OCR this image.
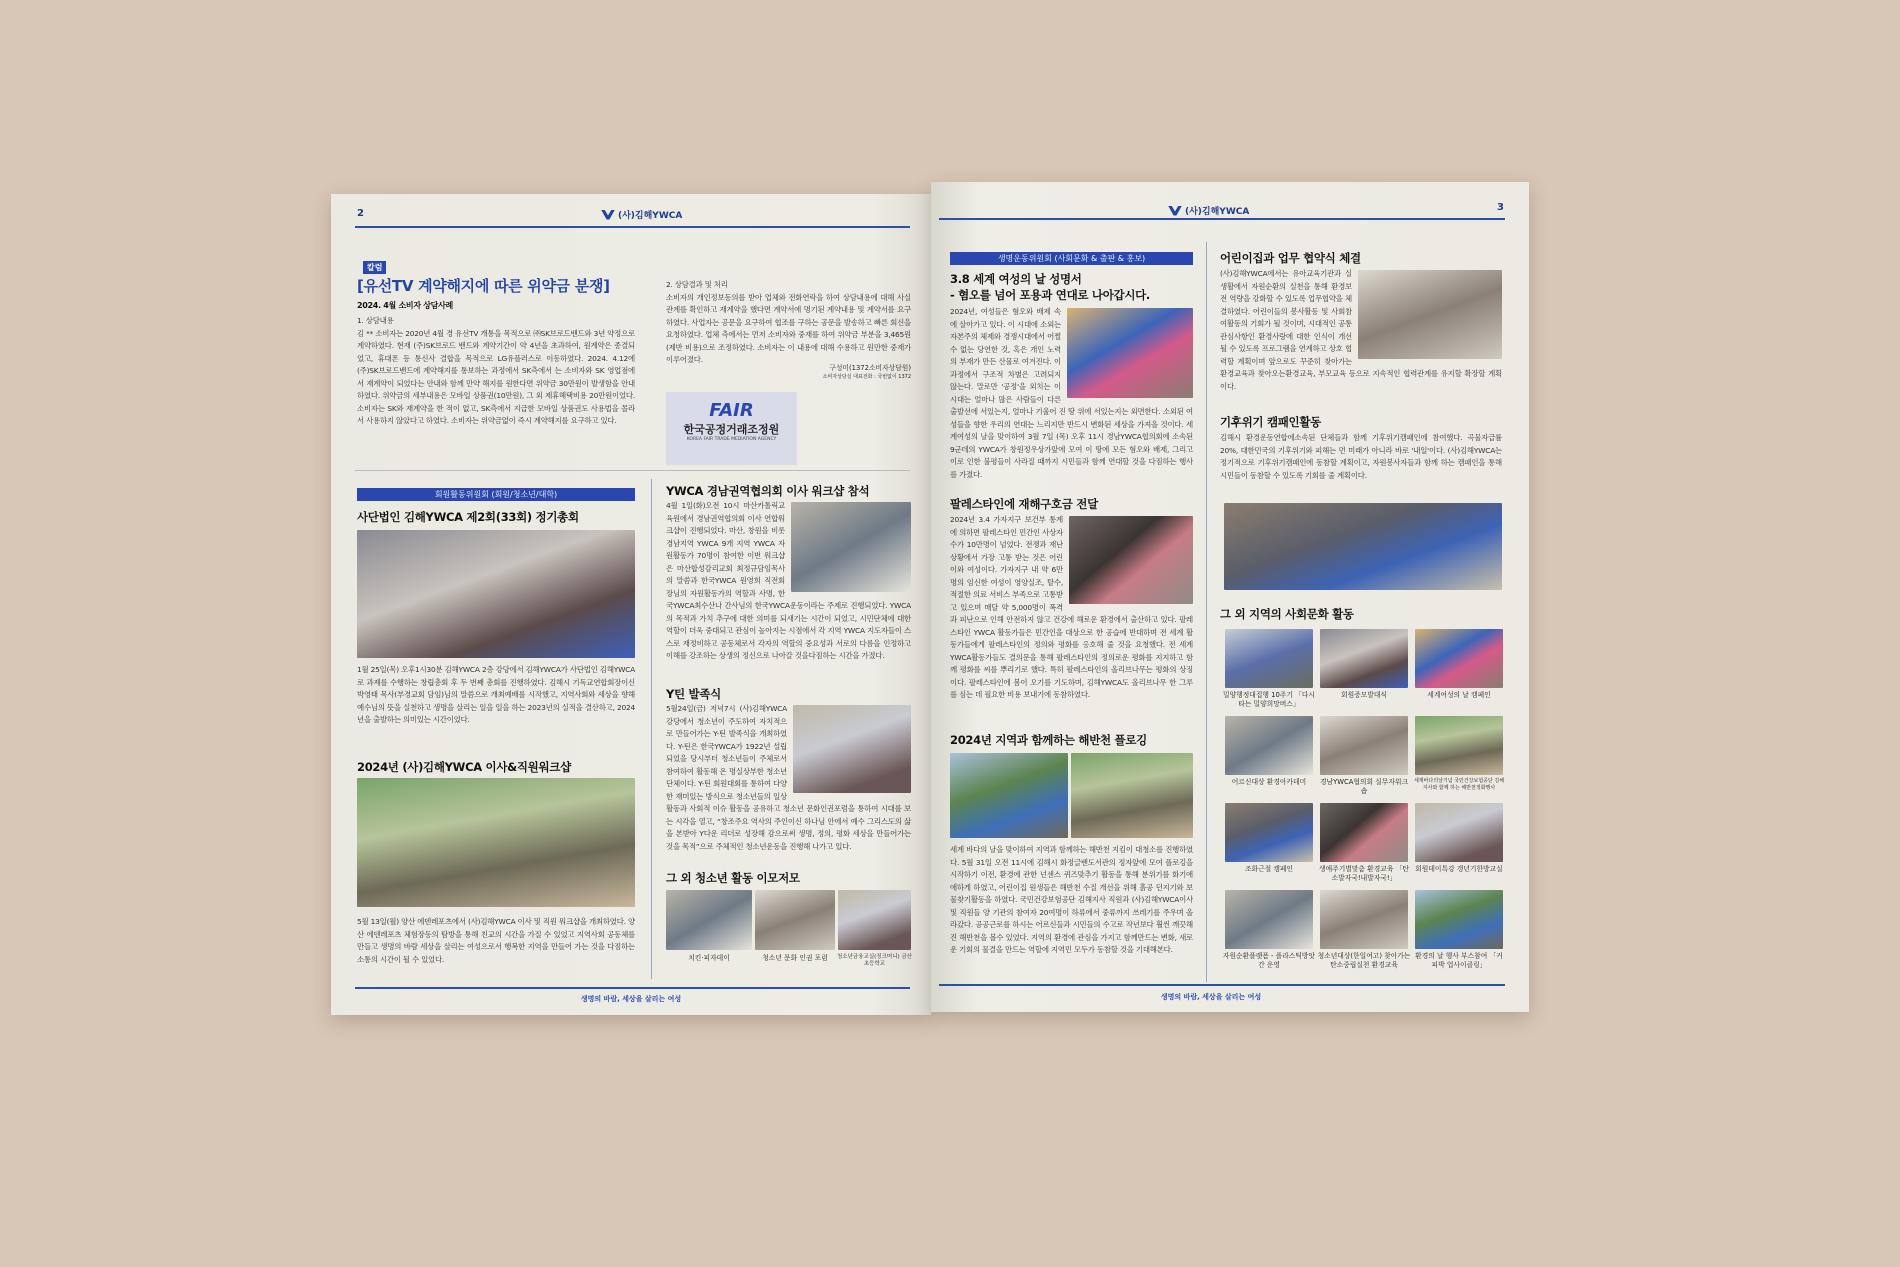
2	(사)김해YWCA
칼럼
[유선TV 계약해지에 따른 위약금 분쟁]
2024. 4월 소비자 상담사례
1. 상담내용
김 ** 소비자는 2020년 4월 경 유선TV 개통을 목적으로 ㈜SK브로드밴드와 3년 약정으로 계약하였다. 현재 (주)SK브로드 밴드와 계약기간이 약 4년을 초과하여, 원계약은 종결되었고, 휴대폰 등 통신사 결합을 목적으로 LG유플러스로 이동하였다. 2024. 4.12에 (주)SK브로드밴드에 계약해지를 통보하는 과정에서 SK측에서 는 소비자와 SK 영업점에서 재계약이 되었다는 안내와 함께 만약 해지를 원한다면 위약금 30만원이 발생함을 안내하였다. 위약금의 세부내용은 모바일 상품권(10만원), 그 외 제휴혜택비용 20만원이었다. 소비자는 SK와 재계약을 한 적이 없고, SK측에서 지급한 모바일 상품권도 사용법을 몰라서 사용하지 않았다고 하였다. 소비자는 위약금없이 즉시 계약해지를 요구하고 있다.
2. 상담결과 및 처리
소비자의 개인정보동의를 받아 업체와 전화연락을 하여 상담내용에 대해 사실관계를 확인하고 재계약을 했다면 계약서에 명기된 계약내용 및 계약서를 요구하였다. 사업자는 공문을 요구하여 협조를 구하는 공문을 발송하고 빠른 회신을 요청하였다. 업체 측에서는 먼저 소비자와 중재를 하여 위약금 부분을 3,465원(제반 비용)으로 조정하였다. 소비자는 이 내용에 대해 수용하고 원만한 중재가 이루어졌다.
구성미(1372소비자상담원)
소비자상담실 대표전화 : 국번없이 1372
FAIR
한국공정거래조정원
KOREA FAIR TRADE MEDIATION AGENCY
회원활동위원회 (회원/청소년/대학)
사단법인 김해YWCA 제2회(33회) 정기총회
1월 25일(목) 오후1시30분 김해YWCA 2층 강당에서 김해YWCA가 사단법인 김해YWCA로 과제를 수행하는 창립총회 후 두 번째 총회를 진행하였다. 김해시 기독교연합회장이신 박영태 목사(부경교회 담임)님의 말씀으로 개최예배를 시작했고, 지역사회와 세상을 향해 예수님의 뜻을 실천하고 생명을 살리는 일을 일을 하는 2023년의 실적을 결산하고, 2024년을 출발하는 의미있는 시간이었다.
2024년 (사)김해YWCA 이사&직원워크샵
5월 13일(월) 양산 에덴레포츠에서 (사)김해YWCA 이사 및 직원 워크샵을 개최하였다. 양산 에덴레포츠 체험장동의 탐방을 통해 친교의 시간을 가질 수 있었고 지역사회 공동체를 만들고 생명의 바람 세상을 살리는 여성으로서 행복한 지역을 만들어 가는 것을 다짐하는 소통의 시간이 될 수 있었다.
YWCA 경남권역협의회 이사 워크샵 참석
4월 1일(화)오전 10시 마산카톨릭교육원에서 경남권역협의회 이사 연합워크샵이 진행되었다. 마산, 창원을 비롯 경남지역 YWCA 9개 지역 YWCA 자원활동가 70명이 참여한 이번 워크샵은 마산합성감리교회 최정규담임목사의 말씀과 한국YWCA 원영희 직전회장님의 자원활동가의 역할과 사명, 한국YWCA최수산나 간사님의 한국YWCA운동이라는 주제로 진행되었다. YWCA의 목적과 가치 추구에 대한 의미를 되새기는 시간이 되었고, 시민단체에 대한 역할이 더욱 중대되고 관심이 높아지는 시점에서 각 지역 YWCA 지도자들이 스스로 재정비하고 공동체로서 각자의 역할의 중요성과 서로의 다름을 인정하고 이해를 강조하는 상생의 정신으로 나아갈 것을다짐하는 시간을 가졌다.
Y틴 발족식
5월24일(금) 저녁7시 (사)김해YWCA 강당에서 청소년이 주도하여 자치적으로 만들어가는 Y-틴 발족식을 개최하였다. Y-틴은 한국YWCA가 1922년 설립 되었을 당시부터 청소년들이 주체로서 참여하여 활동해 온 명실상부한 청소년 단체이다. Y-틴 회원대회를 통하여 다양한 재미있는 방식으로 청소년들의 일상 활동과 사회적 이슈 활동을 공유하고 청소년 문화인권포럼을 통하여 시대를 보는 시각을 열고, “창조주요 역사의 주인이신 하나님 안에서 예수 그리스도의 삶을 본받아 Y다운 리더로 성장해 감으로써 생명, 정의, 평화 세상을 만들어가는 것을 목적”으로 주체적인 청소년운동을 진행해 나가고 있다.
그 외 청소년 활동 이모저모
치킨·피자데이	청소년 문화 인권 포럼	청소년금융교실(징크머니) 금산초등학교
생명의 바람, 세상을 살리는 여성
(사)김해YWCA	3
생명운동위원회 (사회문화 & 출판 & 홍보)
3.8 세계 여성의 날 성명서
- 혐오를 넘어 포용과 연대로 나아갑시다.
2024년, 여성들은 혐오와 배제 속에 살아가고 있다. 이 시대에 소외는 자본주의 체제와 경쟁시대에서 어쩔 수 없는 당연한 것, 혹은 개인 노력의 부재가 만든 산물로 여겨진다. 이 과정에서 구조적 차별은 고려되지 않는다. 말로만 '공정'을 외치는 이 시대는 얼마나 많은 사람들이 다른 출발선에 서있는지, 얼마나 기울어 진 땅 위에 서있는지는 외면한다. 소외된 여성들을 향한 우리의 연대는 느리지만 반드시 변화된 세상을 가져올 것이다. 세계여성의 날을 맞이하여 3월 7일 (목) 오후 11시 경남YWCA협의회에 소속된 9군데의 YWCA가 창원정우상가앞에 모여 이 땅에 모든 혐오와 배제, 그리고 이로 인한 불평들이 사라질 때까지 시민들과 함께 연대할 것을 다짐하는 행사를 가졌다.
팔레스타인에 재해구호금 전달
2024년 3.4 가자지구 보건부 통계에 의하면 팔레스타인 민간인 사상자 수가 10만명이 넘었다. 전쟁과 재난상황에서 가장 고통 받는 것은 어린이와 여성이다. 가자지구 내 약 6만 명의 임신한 여성이 영양실조, 탈수, 적절한 의료 서비스 부족으로 고통받고 있으며 매달 약 5,000명이 폭격과 피난으로 인해 안전하지 않고 건강에 해로운 환경에서 출산하고 있다. 팔레스타인 YWCA 활동가들은 민간인을 대상으로 한 공습에 반대하며 전 세계 활동가들에게 팔레스타인의 정의와 평화를 옹호해 줄 것을 요청했다. 전 세계 YWCA활동가들도 결의문을 통해 팔레스타인의 정의로운 평화를 지지하고 함께 평화를 씨를 뿌리기로 했다. 특히 팔레스타인의 올리브나무는 평화의 상징이다. 팔레스타인에 봄이 오기를 기도하며, 김해YWCA도 올리브나무 한 그루를 심는 데 필요한 비용 보내기에 동참하였다.
2024년 지역과 함께하는 해반천 플로깅
세계 바다의 날을 맞이하여 지역과 함께하는 해반천 지킴이 대청소를 진행하였다. 5월 31일 오전 11시에 김해시 화정글밴도서관의 정자앞에 모여 플로깅을 시작하기 이전, 환경에 관한 넌센스 퀴즈맞추기 활동을 통해 분위기를 화기애애하게 하였고, 어린이집 원생들은 해반천 수질 개선을 위해 흙공 던지기와 보물찾기활동을 하였다. 국민건강보험공단 김해지사 직원과 (사)김해YWCA이사 및 직원들 양 기관의 참여자 20여명이 하류에서 중류까지 쓰레기를 주우며 올라갔다. 공공근로를 하시는 어르신들과 시민들의 수고로 작년보다 훨씬 깨끗해진 해반천을 볼수 있었다. 지역의 환경에 관심을 가지고 함께만드는 변화, 새로운 기회의 물결을 만드는 역할에 지역민 모두가 동참할 것을 기대해본다.
어린이집과 업무 협약식 체결
(사)김해YWCA에서는 유아교육기관과 실생활에서 자원순환의 실천을 통해 환경보전 역량을 강화할 수 있도록 업무협약을 체결하였다. 어린이들의 봉사활동 및 사회참여활동의 기회가 될 것이며, 시대적인 공통 관심사항인 환경사랑에 대한 인식이 개선될 수 있도록 프로그램을 연계하고 상호 협력할 계획이며 앞으로도 꾸준히 찾아가는 환경교육과 찾아오는환경교육, 부모교육 등으로 지속적인 협력관계를 유지할 확장할 계획이다.
기후위기 캠패인활동
김해시 환경운동연합에소속된 단체들과 함께 기후위기캠패인에 참여했다. 곡물자급률 20%, 대한민국의 기후위기와 피해는 먼 미래가 아니라 바로 '내일'이다. (사)김해YWCA는 정기적으로 기후위기캠패인에 동참할 계획이고, 자원봉사자들과 함께 하는 캠패인을 통해 시민들이 동참할 수 있도록 기회를 줄 계획이다.
그 외 지역의 사회문화 활동
밀양행정대집행 10주기 「다시타는 밀양희망버스」
회원증모발대식	세계여성의 날 캠페인
어르신대상 환경아카데미	경남YWCA협의회 실무자워크숍
세계바다의날기념 국민건강보험공단 김해지사와 함께 하는 해반천정화행사
조화근절 캠페인	생애주기별맞춤 환경교육 「탄소발자국!내발자국!」
회원데이특강 갱년기한방교실
자원순환플랫폼 - 플라스틱방앗간 운영
청소년대상(한일여고) 찾아가는 탄소중립실천 환경교육
환경의 날 행사 부스참여 「커피박 업사이클링」
생명의 바람, 세상을 살리는 여성
